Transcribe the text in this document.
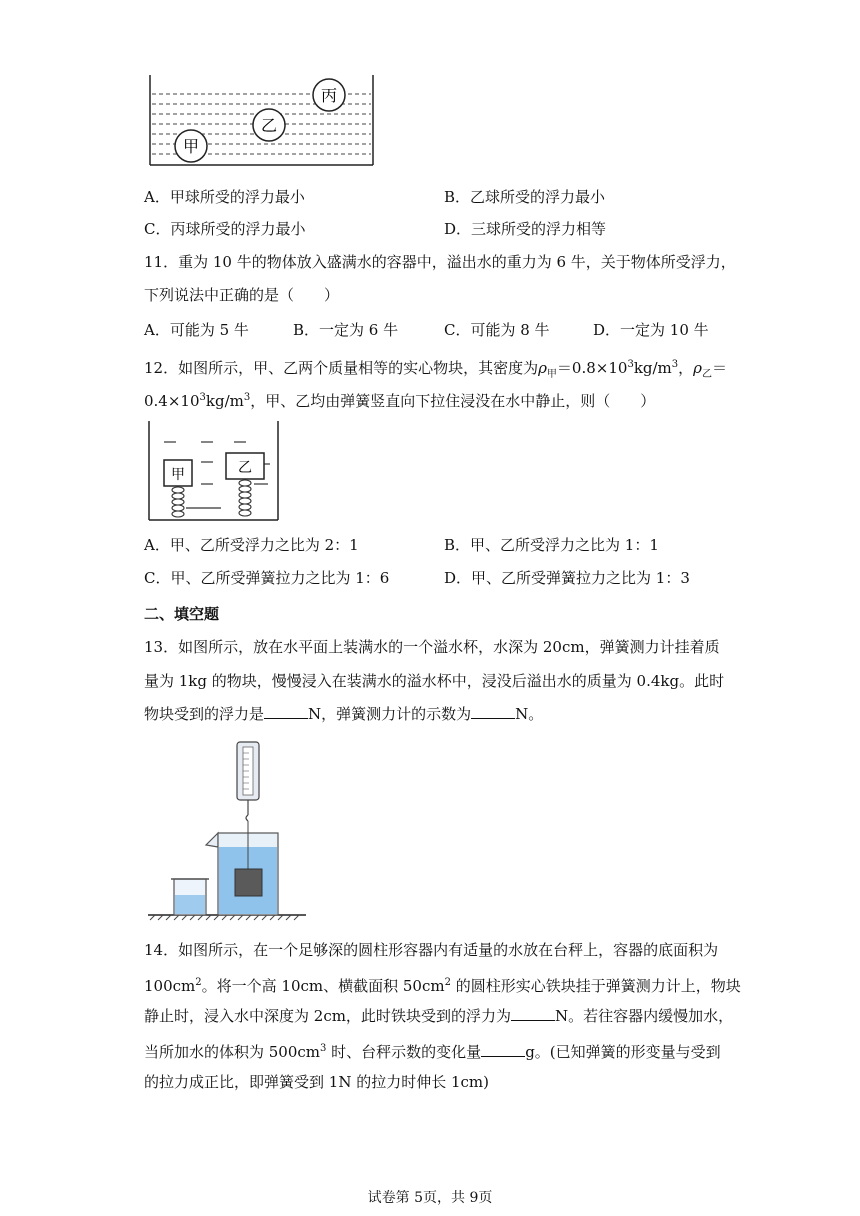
丙
乙
甲
A．甲球所受的浮力最小	B．乙球所受的浮力最小
C．丙球所受的浮力最小	D．三球所受的浮力相等
11．重为 10 牛的物体放入盛满水的容器中，溢出水的重力为 6 牛，关于物体所受浮力，
下列说法中正确的是（　　）
A．可能为 5 牛	B．一定为 6 牛	C．可能为 8 牛	D．一定为 10 牛
12．如图所示，甲、乙两个质量相等的实心物块，其密度为$\rho_甲=0.8\times 10^3kg/m^3$，$\rho_乙=$
$0.4\times 10^3kg/m^3$，甲、乙均由弹簧竖直向下拉住浸没在水中静止，则（　　）
甲	乙
A．甲、乙所受浮力之比为 2：1	B．甲、乙所受浮力之比为 1：1
C．甲、乙所受弹簧拉力之比为 1：6	D．甲、乙所受弹簧拉力之比为 1：3
二、填空题
13．如图所示，放在水平面上装满水的一个溢水杯，水深为 20cm，弹簧测力计挂着质
量为 1kg 的物块，慢慢浸入在装满水的溢水杯中，浸没后溢出水的质量为 0.4kg。此时
物块受到的浮力是	N，弹簧测力计的示数为	N。
14．如图所示，在一个足够深的圆柱形容器内有适量的水放在台秤上，容器的底面积为
$100cm^2$。将一个高 10cm、横截面积 $50cm^2$ 的圆柱形实心铁块挂于弹簧测力计上，物块
静止时，浸入水中深度为 2cm，此时铁块受到的浮力为	N。若往容器内缓慢加水，
当所加水的体积为 $500cm^3$ 时、台秤示数的变化量	g。(已知弹簧的形变量与受到
的拉力成正比，即弹簧受到 1N 的拉力时伸长 1cm)
试卷第 5页，共 9页
